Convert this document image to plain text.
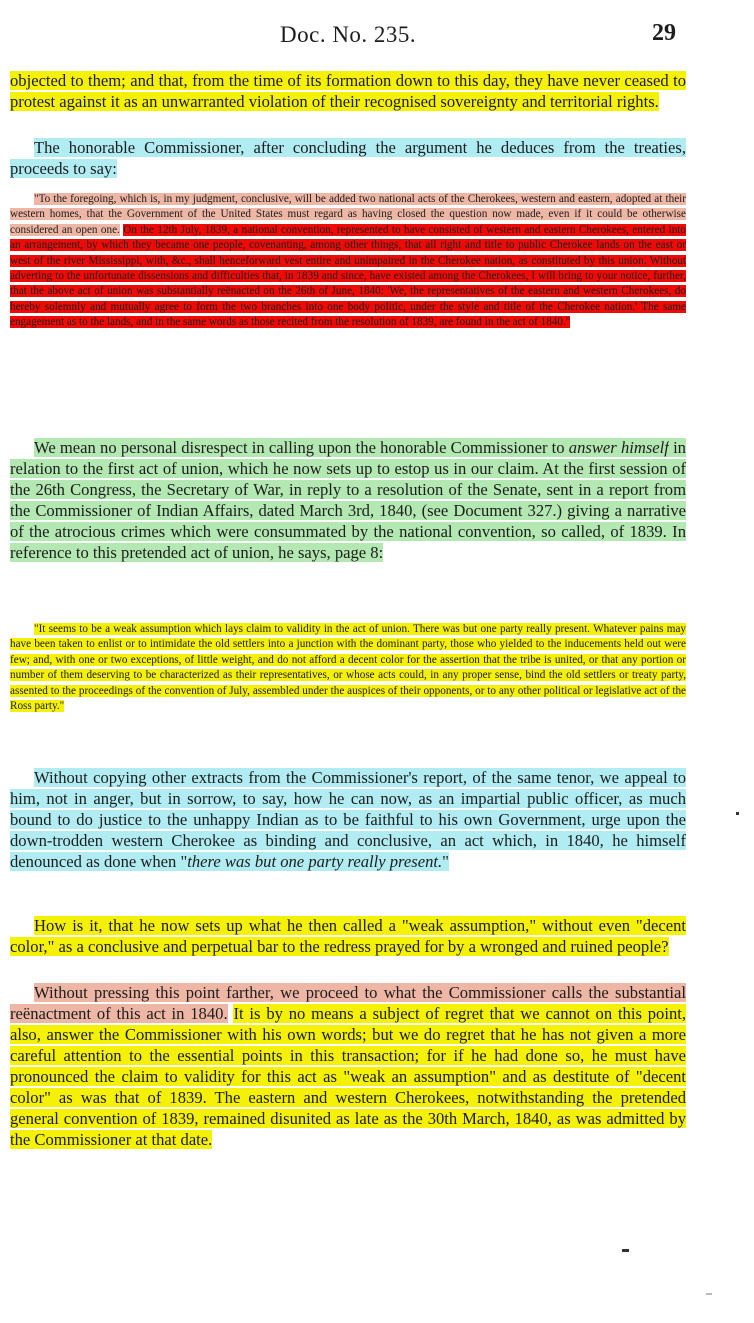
Doc. No. 235.	29

objected to them; and that, from the time of its formation down to this day, they have never ceased to protest against it as an unwarranted violation of their recognised sovereignty and territorial rights.

The honorable Commissioner, after concluding the argument he deduces from the treaties, proceeds to say:

"To the foregoing, which is, in my judgment, conclusive, will be added two national acts of the Cherokees, western and eastern, adopted at their western homes, that the Government of the United States must regard as having closed the question now made, even if it could be otherwise considered an open one. On the 12th July, 1839, a national convention, represented to have consisted of western and eastern Cherokees, entered into an arrangement, by which they became one people, covenanting, among other things, that all right and title to public Cherokee lands on the east or west of the river Mississippi, with, &c., shall henceforward vest entire and unimpaired in the Cherokee nation, as constituted by this union. Without adverting to the unfortunate dissensions and difficulties that, in 1839 and since, have existed among the Cherokees, I will bring to your notice, further, that the above act of union was substantially reënacted on the 26th of June, 1840: 'We, the representatives of the eastern and western Cherokees, do hereby solemnly and mutually agree to form the two branches into one body politic, under the style and title of the Cherokee nation.' The same engagement as to the lands, and in the same words as those recited from the resolution of 1839, are found in the act of 1840."

We mean no personal disrespect in calling upon the honorable Commissioner to answer himself in relation to the first act of union, which he now sets up to estop us in our claim. At the first session of the 26th Congress, the Secretary of War, in reply to a resolution of the Senate, sent in a report from the Commissioner of Indian Affairs, dated March 3rd, 1840, (see Document 327.) giving a narrative of the atrocious crimes which were consummated by the national convention, so called, of 1839. In reference to this pretended act of union, he says, page 8:

"It seems to be a weak assumption which lays claim to validity in the act of union. There was but one party really present. Whatever pains may have been taken to enlist or to intimidate the old settlers into a junction with the dominant party, those who yielded to the inducements held out were few; and, with one or two exceptions, of little weight, and do not afford a decent color for the assertion that the tribe is united, or that any portion or number of them deserving to be characterized as their representatives, or whose acts could, in any proper sense, bind the old settlers or treaty party, assented to the proceedings of the convention of July, assembled under the auspices of their opponents, or to any other political or legislative act of the Ross party."

Without copying other extracts from the Commissioner's report, of the same tenor, we appeal to him, not in anger, but in sorrow, to say, how he can now, as an impartial public officer, as much bound to do justice to the unhappy Indian as to be faithful to his own Government, urge upon the down-trodden western Cherokee as binding and conclusive, an act which, in 1840, he himself denounced as done when "there was but one party really present."

How is it, that he now sets up what he then called a "weak assumption," without even "decent color," as a conclusive and perpetual bar to the redress prayed for by a wronged and ruined people?

Without pressing this point farther, we proceed to what the Commissioner calls the substantial reënactment of this act in 1840. It is by no means a subject of regret that we cannot on this point, also, answer the Commissioner with his own words; but we do regret that he has not given a more careful attention to the essential points in this transaction; for if he had done so, he must have pronounced the claim to validity for this act as "weak an assumption" and as destitute of "decent color" as was that of 1839. The eastern and western Cherokees, notwithstanding the pretended general convention of 1839, remained disunited as late as the 30th March, 1840, as was admitted by the Commissioner at that date.
